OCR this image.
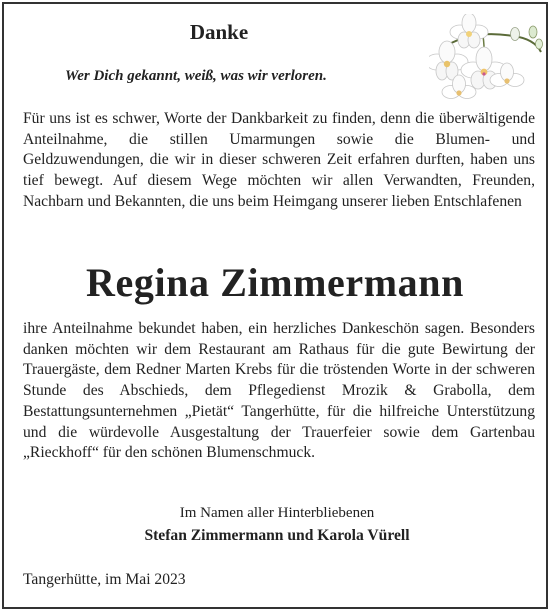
Danke

Wer Dich gekannt, weiß, was wir verloren.

Für uns ist es schwer, Worte der Dankbarkeit zu finden, denn die überwältigende Anteilnahme, die stillen Umarmungen sowie die Blumen- und Geldzuwendungen, die wir in dieser schweren Zeit erfahren durften, haben uns tief bewegt. Auf diesem Wege möchten wir allen Verwandten, Freunden, Nachbarn und Bekannten, die uns beim Heimgang unserer lieben Entschlafenen

Regina Zimmermann

ihre Anteilnahme bekundet haben, ein herzliches Dankeschön sagen. Besonders danken möchten wir dem Restaurant am Rathaus für die gute Bewirtung der Trauergäste, dem Redner Marten Krebs für die tröstenden Worte in der schweren Stunde des Abschieds, dem Pflegedienst Mrozik & Grabolla, dem Bestattungsunternehmen „Pietät“ Tangerhütte, für die hilfreiche Unterstützung und die würdevolle Ausgestaltung der Trauerfeier sowie dem Gartenbau „Rieckhoff“ für den schönen Blumenschmuck.

Im Namen aller Hinterbliebenen

Stefan Zimmermann und Karola Vürell

Tangerhütte, im Mai 2023
